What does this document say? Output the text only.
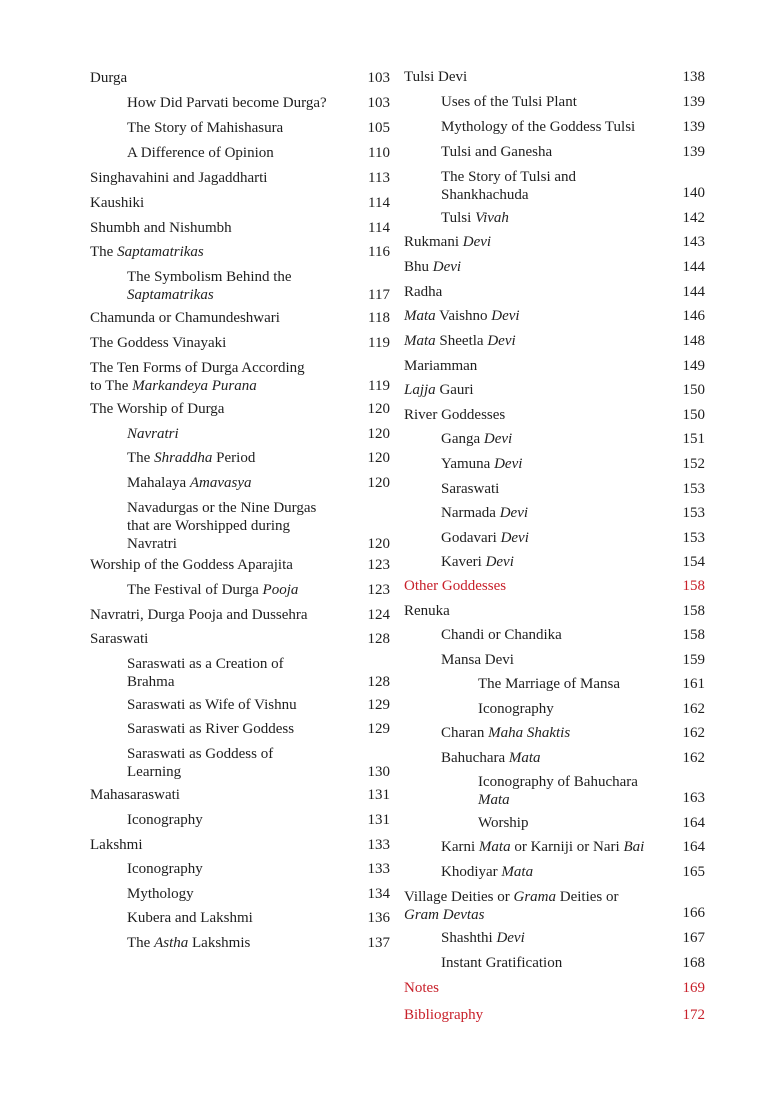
Durga	103
How Did Parvati become Durga?	103
The Story of Mahishasura	105
A Difference of Opinion	110
Singhavahini and Jagaddharti	113
Kaushiki	114
Shumbh and Nishumbh	114
The Saptamatrikas	116
The Symbolism Behind the
Saptamatrikas	117
Chamunda or Chamundeshwari	118
The Goddess Vinayaki	119
The Ten Forms of Durga According
to The Markandeya Purana	119
The Worship of Durga	120
Navratri	120
The Shraddha Period	120
Mahalaya Amavasya	120
Navadurgas or the Nine Durgas
that are Worshipped during
Navratri	120
Worship of the Goddess Aparajita	123
The Festival of Durga Pooja	123
Navratri, Durga Pooja and Dussehra	124
Saraswati	128
Saraswati as a Creation of
Brahma	128
Saraswati as Wife of Vishnu	129
Saraswati as River Goddess	129
Saraswati as Goddess of
Learning	130
Mahasaraswati	131
Iconography	131
Lakshmi	133
Iconography	133
Mythology	134
Kubera and Lakshmi	136
The Astha Lakshmis	137
Tulsi Devi	138
Uses of the Tulsi Plant	139
Mythology of the Goddess Tulsi	139
Tulsi and Ganesha	139
The Story of Tulsi and
Shankhachuda	140
Tulsi Vivah	142
Rukmani Devi	143
Bhu Devi	144
Radha	144
Mata Vaishno Devi	146
Mata Sheetla Devi	148
Mariamman	149
Lajja Gauri	150
River Goddesses	150
Ganga Devi	151
Yamuna Devi	152
Saraswati	153
Narmada Devi	153
Godavari Devi	153
Kaveri Devi	154
Other Goddesses	158
Renuka	158
Chandi or Chandika	158
Mansa Devi	159
The Marriage of Mansa	161
Iconography	162
Charan Maha Shaktis	162
Bahuchara Mata	162
Iconography of Bahuchara
Mata	163
Worship	164
Karni Mata or Karniji or Nari Bai	164
Khodiyar Mata	165
Village Deities or Grama Deities or
Gram Devtas	166
Shashthi Devi	167
Instant Gratification	168
Notes	169
Bibliography	172
